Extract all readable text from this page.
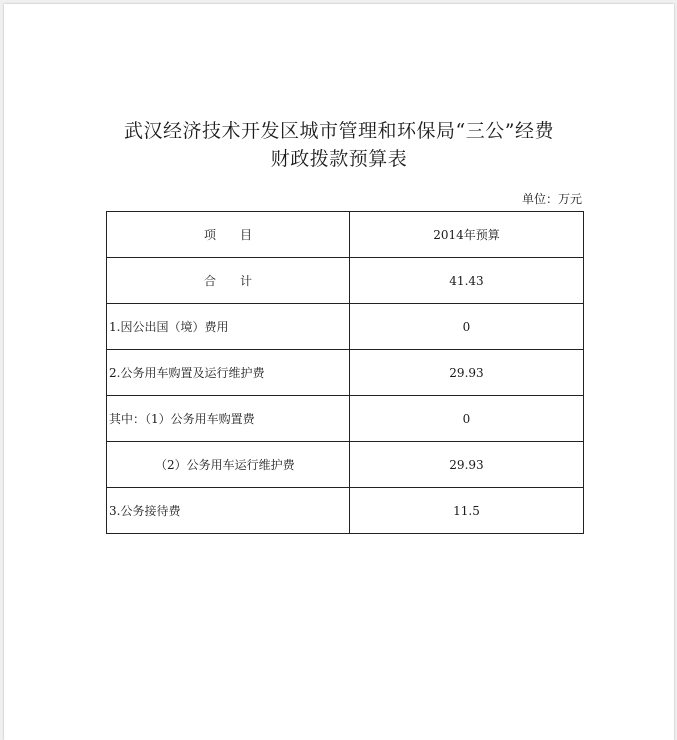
武汉经济技术开发区城市管理和环保局“三公”经费
财政拨款预算表
单位：万元
项　　目	2014年预算
合　　计	41.43
1.因公出国（境）费用	0
2.公务用车购置及运行维护费	29.93
其中：（1）公务用车购置费	0
（2）公务用车运行维护费	29.93
3.公务接待费	11.5
